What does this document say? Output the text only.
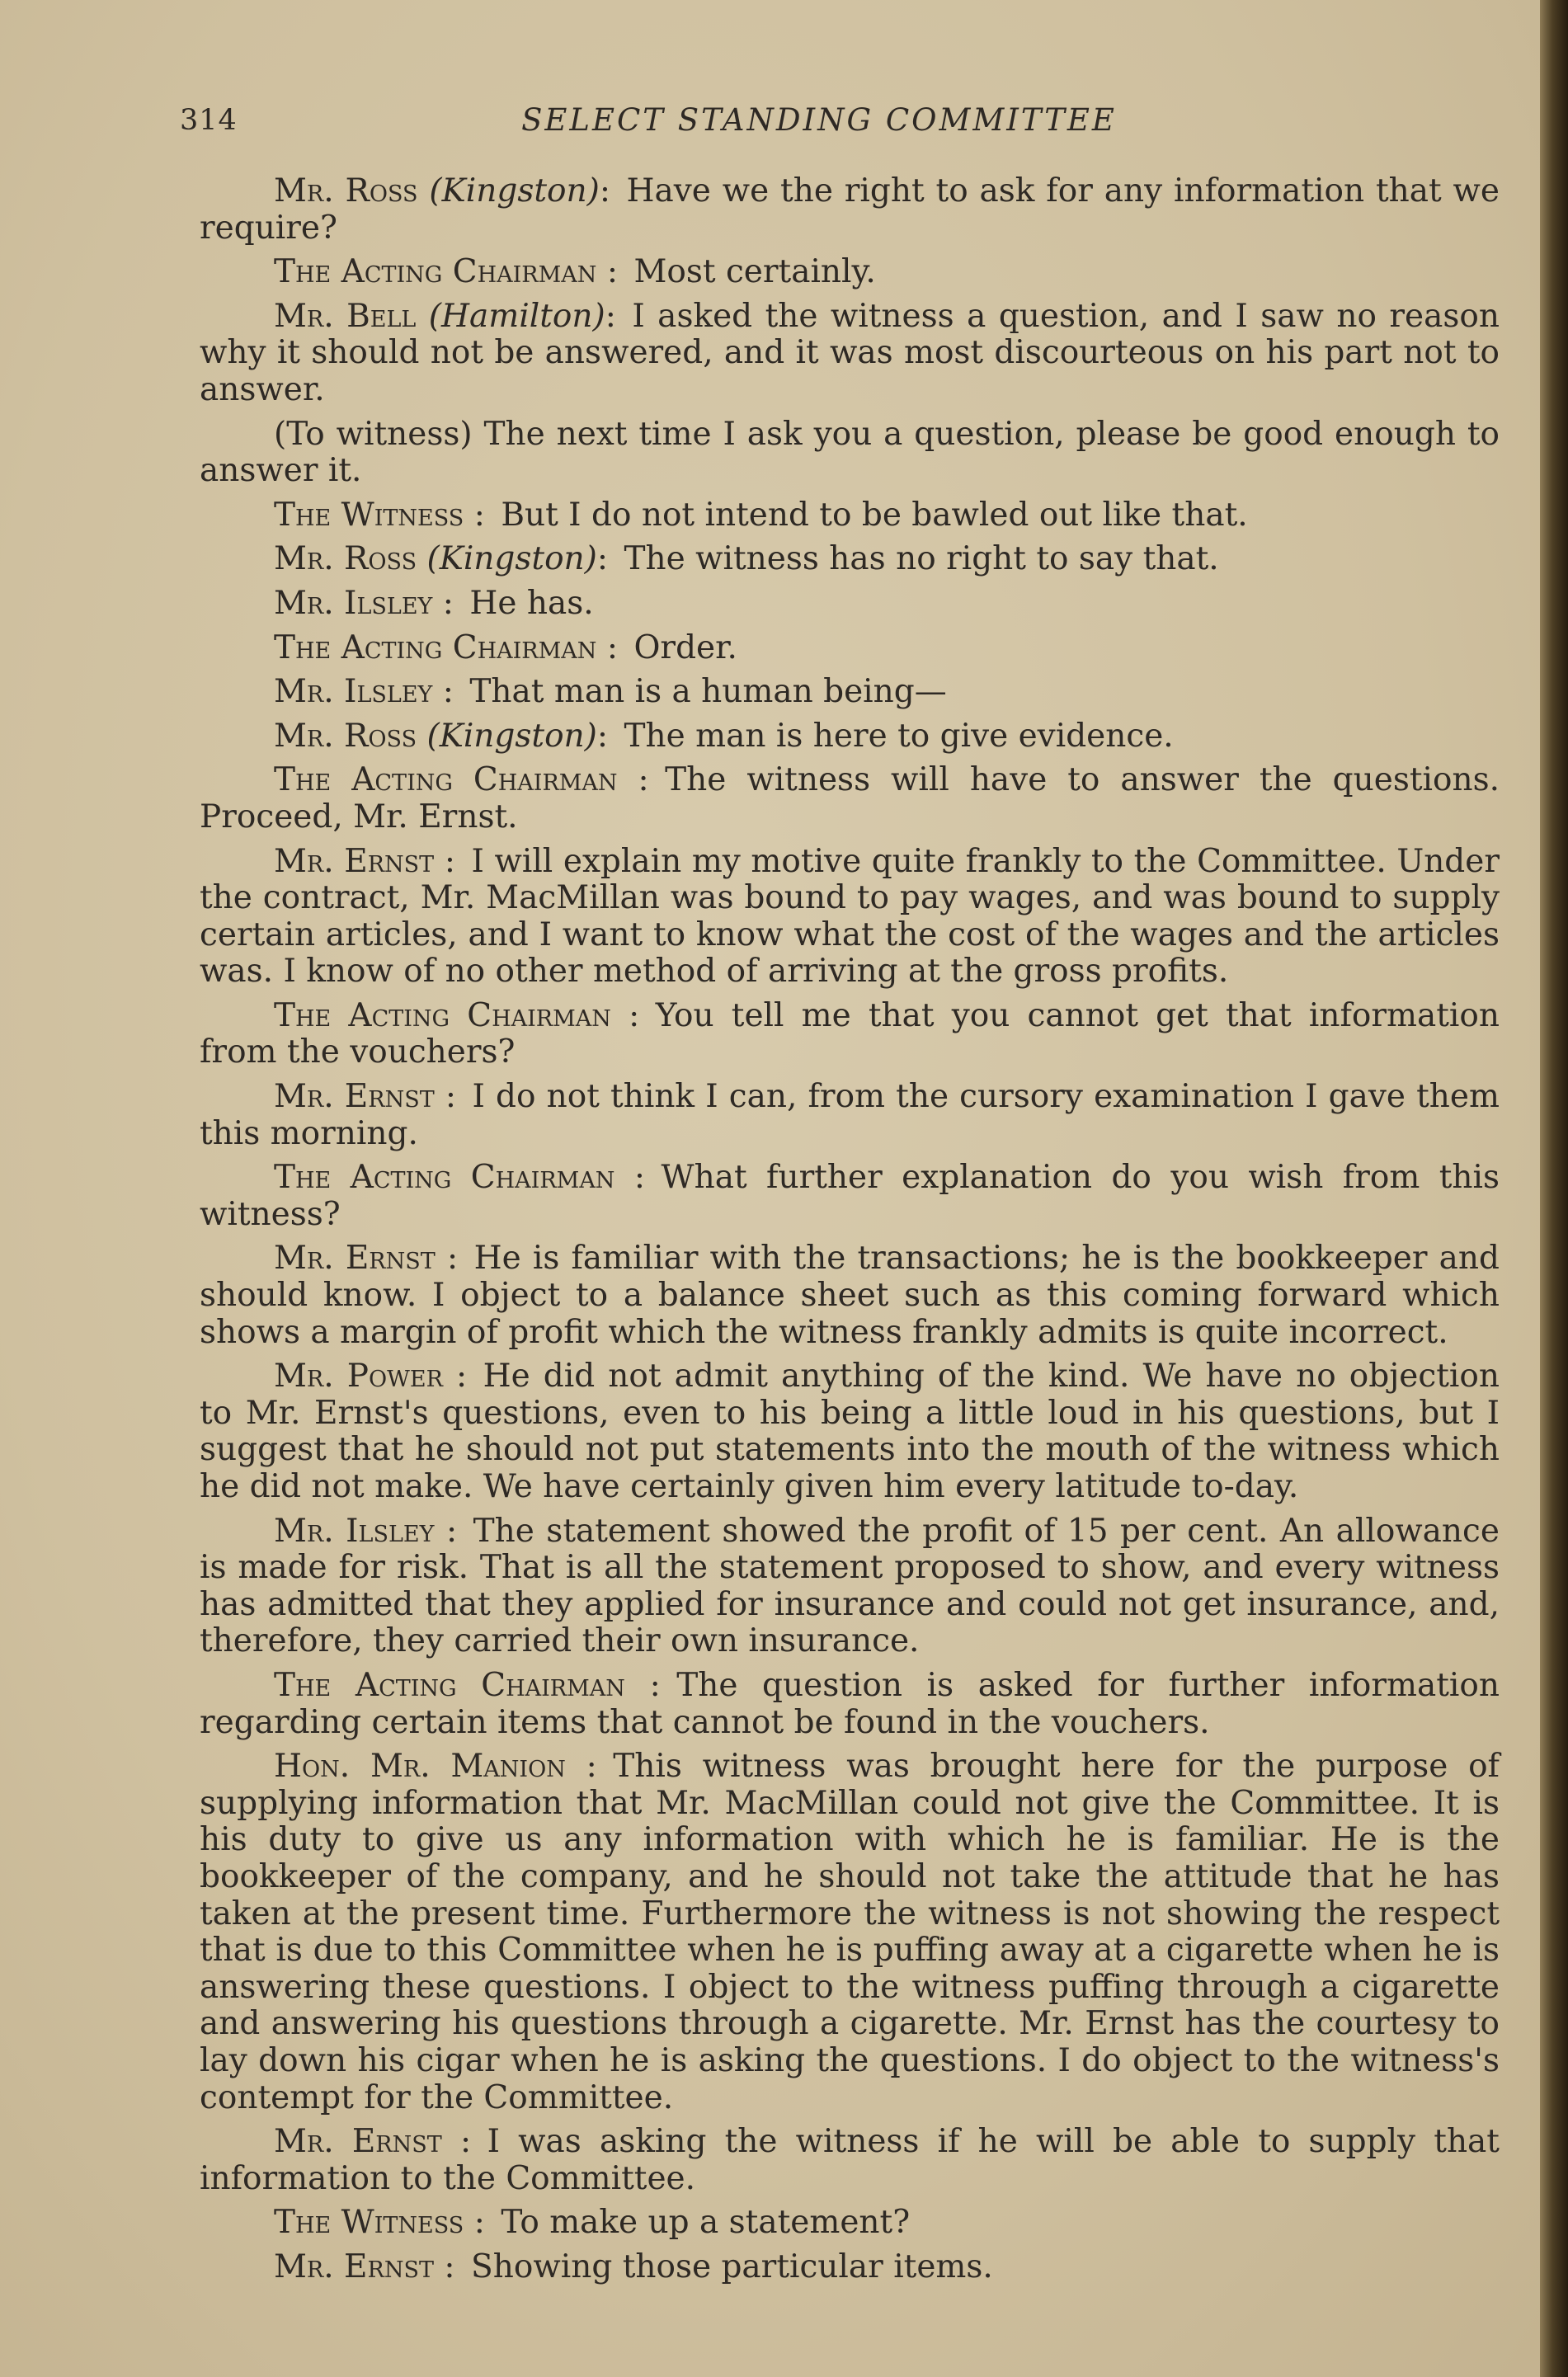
314	SELECT STANDING COMMITTEE

Mr. Ross (Kingston):  Have we the right to ask for any information that we require?

The Acting Chairman :  Most certainly.

Mr. Bell (Hamilton):  I asked the witness a question, and I saw no reason why it should not be answered, and it was most discourteous on his part not to answer.

(To witness) The next time I ask you a question, please be good enough to answer it.

The Witness :  But I do not intend to be bawled out like that.

Mr. Ross (Kingston):  The witness has no right to say that.

Mr. Ilsley :  He has.

The Acting Chairman :  Order.

Mr. Ilsley :  That man is a human being—

Mr. Ross (Kingston):  The man is here to give evidence.

The Acting Chairman :  The witness will have to answer the questions. Proceed, Mr. Ernst.

Mr. Ernst :  I will explain my motive quite frankly to the Committee. Under the contract, Mr. MacMillan was bound to pay wages, and was bound to supply certain articles, and I want to know what the cost of the wages and the articles was. I know of no other method of arriving at the gross profits.

The Acting Chairman :  You tell me that you cannot get that information from the vouchers?

Mr. Ernst :  I do not think I can, from the cursory examination I gave them this morning.

The Acting Chairman :  What further explanation do you wish from this witness?

Mr. Ernst :  He is familiar with the transactions; he is the bookkeeper and should know. I object to a balance sheet such as this coming forward which shows a margin of profit which the witness frankly admits is quite incorrect.

Mr. Power :  He did not admit anything of the kind. We have no objection to Mr. Ernst's questions, even to his being a little loud in his questions, but I suggest that he should not put statements into the mouth of the witness which he did not make. We have certainly given him every latitude to-day.

Mr. Ilsley :  The statement showed the profit of 15 per cent. An allowance is made for risk. That is all the statement proposed to show, and every witness has admitted that they applied for insurance and could not get insurance, and, therefore, they carried their own insurance.

The Acting Chairman :  The question is asked for further information regarding certain items that cannot be found in the vouchers.

Hon. Mr. Manion :  This witness was brought here for the purpose of supplying information that Mr. MacMillan could not give the Committee. It is his duty to give us any information with which he is familiar. He is the bookkeeper of the company, and he should not take the attitude that he has taken at the present time. Furthermore the witness is not showing the respect that is due to this Committee when he is puffing away at a cigarette when he is answering these questions. I object to the witness puffing through a cigarette and answering his questions through a cigarette. Mr. Ernst has the courtesy to lay down his cigar when he is asking the questions. I do object to the witness's contempt for the Committee.

Mr. Ernst :  I was asking the witness if he will be able to supply that information to the Committee.

The Witness :  To make up a statement?

Mr. Ernst :  Showing those particular items.
